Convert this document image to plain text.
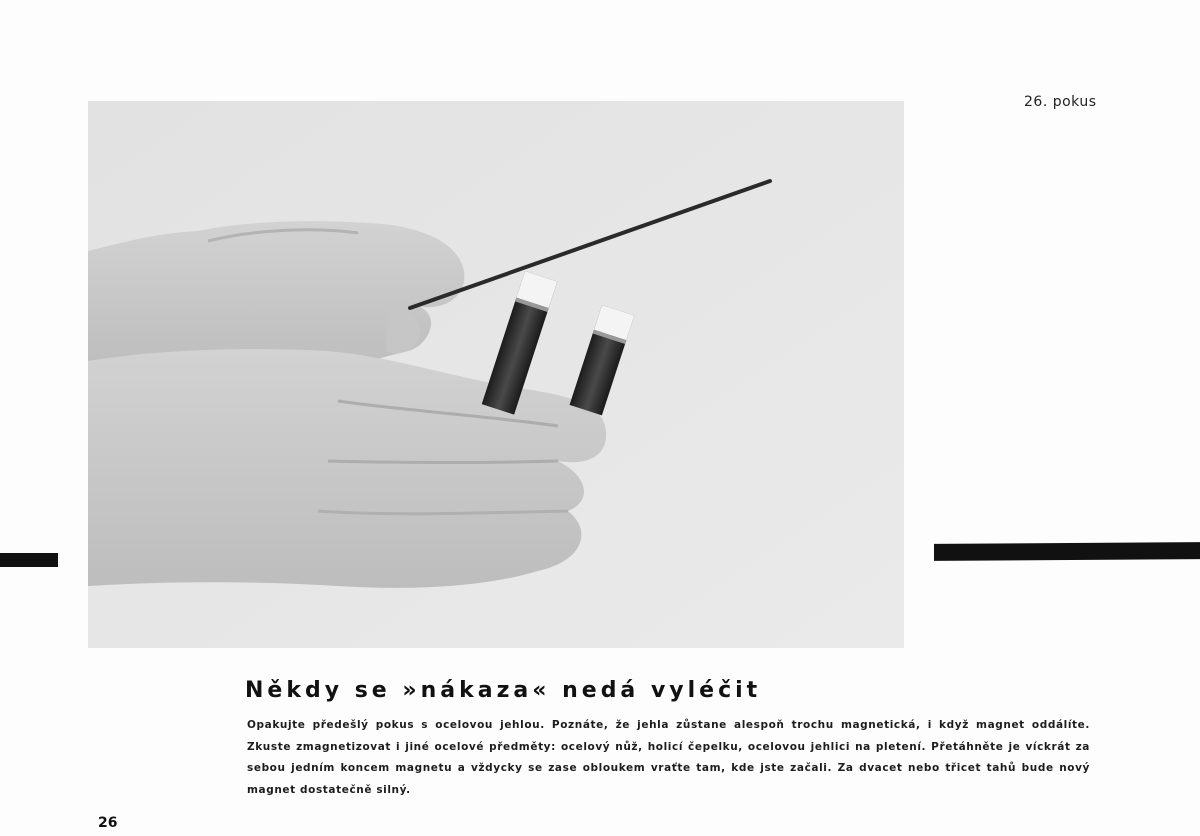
26. pokus
Někdy se »nákaza« nedá vyléčit

Opakujte předešlý pokus s ocelovou jehlou. Poznáte, že jehla zůstane alespoň trochu magnetická, i když magnet oddálíte. Zkuste zmagnetizovat i jiné ocelové předměty: ocelový nůž, holicí čepelku, ocelovou jehlici na pletení. Přetáhněte je víckrát za sebou jedním koncem magnetu a vždycky se zase obloukem vraťte tam, kde jste začali. Za dvacet nebo třicet tahů bude nový magnet dostatečně silný.

26
